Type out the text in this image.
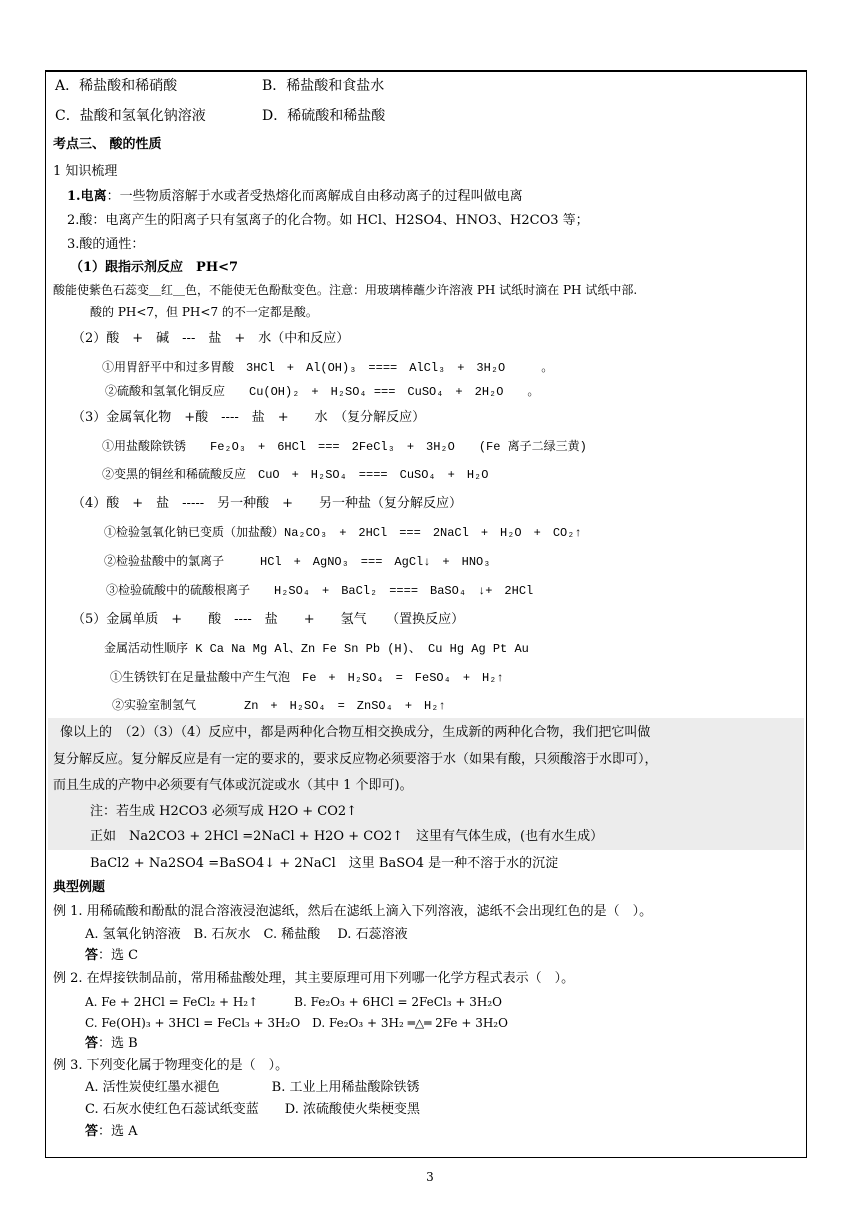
A．稀盐酸和稀硝酸	B．稀盐酸和食盐水
C．盐酸和氢氧化钠溶液	D．稀硫酸和稀盐酸
考点三、 酸的性质
1 知识梳理
1.电离：一些物质溶解于水或者受热熔化而离解成自由移动离子的过程叫做电离
2.酸：电离产生的阳离子只有氢离子的化合物。如 HCl、H2SO4、HNO3、H2CO3 等；
3.酸的通性：
（1）跟指示剂反应　PH<7
酸能使紫色石蕊变＿红＿色，不能使无色酚酞变色。注意：用玻璃棒蘸少许溶液 PH 试纸时滴在 PH 试纸中部.
酸的 PH<7，但 PH<7 的不一定都是酸。
（2）酸　+　碱　---　盐　+　水（中和反应）
①用胃舒平中和过多胃酸　3HCl　+　Al(OH)₃　====　AlCl₃　+　3H₂O　　　。
②硫酸和氢氧化铜反应　　Cu(OH)₂　+　H₂SO₄ ===　CuSO₄　+　2H₂O　　。
（3）金属氧化物　+酸　----　盐　+　　水　（复分解反应）
①用盐酸除铁锈　　Fe₂O₃　+　6HCl　===　2FeCl₃　+　3H₂O　　(Fe 离子二绿三黄)
②变黑的铜丝和稀硫酸反应　CuO　+　H₂SO₄　====　CuSO₄　+　H₂O
（4）酸　+　盐　-----　另一种酸　+　　另一种盐（复分解反应）
①检验氢氧化钠已变质（加盐酸）Na₂CO₃　+　2HCl　===　2NaCl　+　H₂O　+　CO₂↑
②检验盐酸中的氯离子　　　HCl　+　AgNO₃　===　AgCl↓　+　HNO₃
③检验硫酸中的硫酸根离子　　H₂SO₄　+　BaCl₂　====　BaSO₄　↓+　2HCl
（5）金属单质　+　　酸　----　盐　　+　　氢气　　（置换反应）
金属活动性顺序 K Ca Na Mg Al、Zn Fe Sn Pb (H)、 Cu Hg Ag Pt Au
①生锈铁钉在足量盐酸中产生气泡　Fe　+　H₂SO₄　=　FeSO₄　+　H₂↑
②实验室制氢气　　　　Zn　+　H₂SO₄　=　ZnSO₄　+　H₂↑
像以上的　（2）（3）（4）反应中，都是两种化合物互相交换成分，生成新的两种化合物，我们把它叫做
复分解反应。复分解反应是有一定的要求的，要求反应物必须要溶于水（如果有酸，只须酸溶于水即可），
而且生成的产物中必须要有气体或沉淀或水（其中 1 个即可)。
注：若生成 H2CO3 必须写成 H2O + CO2↑
正如　Na2CO3 + 2HCl =2NaCl + H2O + CO2↑　这里有气体生成，(也有水生成）
BaCl2 + Na2SO4 =BaSO4↓ + 2NaCl　这里 BaSO4 是一种不溶于水的沉淀
典型例题
例 1. 用稀硫酸和酚酞的混合溶液浸泡滤纸，然后在滤纸上滴入下列溶液，滤纸不会出现红色的是（　）。
A. 氢氧化钠溶液　B. 石灰水　C. 稀盐酸　 D. 石蕊溶液
答：选 C
例 2. 在焊接铁制品前，常用稀盐酸处理，其主要原理可用下列哪一化学方程式表示（　）。
A. Fe + 2HCl = FeCl₂ + H₂↑　　　B. Fe₂O₃ + 6HCl = 2FeCl₃ + 3H₂O
C. Fe(OH)₃ + 3HCl = FeCl₃ + 3H₂O　D. Fe₂O₃ + 3H₂ ═△═ 2Fe + 3H₂O
答：选 B
例 3. 下列变化属于物理变化的是（　）。
A. 活性炭使红墨水褪色　　　　B. 工业上用稀盐酸除铁锈
C. 石灰水使红色石蕊试纸变蓝　　D. 浓硫酸使火柴梗变黑
答：选 A
3
